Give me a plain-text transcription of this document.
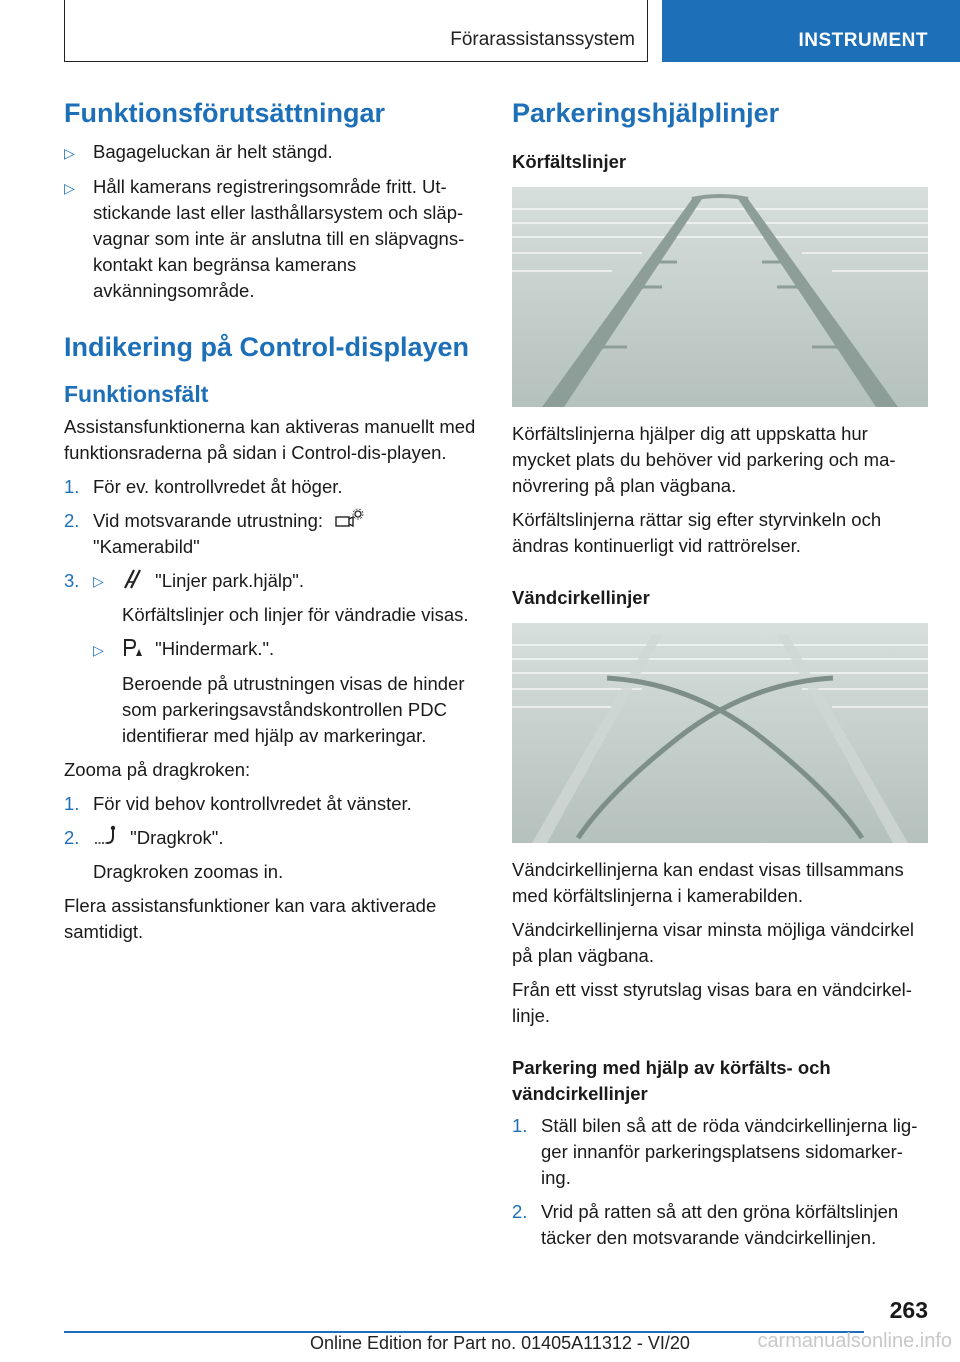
Förarassistanssystem	INSTRUMENT
Funktionsförutsättningar
▷ Bagageluckan är helt stängd.
▷ Håll kamerans registreringsområde fritt. Ut-stickande last eller lasthållarsystem och släp-vagnar som inte är anslutna till en släpvagns-kontakt kan begränsa kamerans avkänningsområde.
Indikering på Control-displayen
Funktionsfält

Assistansfunktionerna kan aktiveras manuellt med funktionsraderna på sidan i Control-dis-playen.

1. För ev. kontrollvredet åt höger.
2. Vid motsvarande utrustning:
"Kamerabild"
3. ▷	"Linjer park.hjälp".

Körfältslinjer och linjer för vändradie visas.

▷	"Hindermark.".

Beroende på utrustningen visas de hinder som parkeringsavståndskontrollen PDC identifierar med hjälp av markeringar.

Zooma på dragkroken:

1. För vid behov kontrollvredet åt vänster.
2.	"Dragkrok".

Dragkroken zoomas in.

Flera assistansfunktioner kan vara aktiverade samtidigt.

Parkeringshjälplinjer
Körfältslinjer

Körfältslinjerna hjälper dig att uppskatta hur mycket plats du behöver vid parkering och ma-növrering på plan vägbana.

Körfältslinjerna rättar sig efter styrvinkeln och ändras kontinuerligt vid rattrörelser.

Vändcirkellinjer

Vändcirkellinjerna kan endast visas tillsammans med körfältslinjerna i kamerabilden.

Vändcirkellinjerna visar minsta möjliga vändcirkel på plan vägbana.

Från ett visst styrutslag visas bara en vändcirkel-linje.

Parkering med hjälp av körfälts- och vändcirkellinjer
1. Ställ bilen så att de röda vändcirkellinjerna lig-ger innanför parkeringsplatsens sidomarker-ing.
2. Vrid på ratten så att den gröna körfältslinjen täcker den motsvarande vändcirkellinjen.
263
Online Edition for Part no. 01405A11312 - VI/20	carmanualsonline.info
